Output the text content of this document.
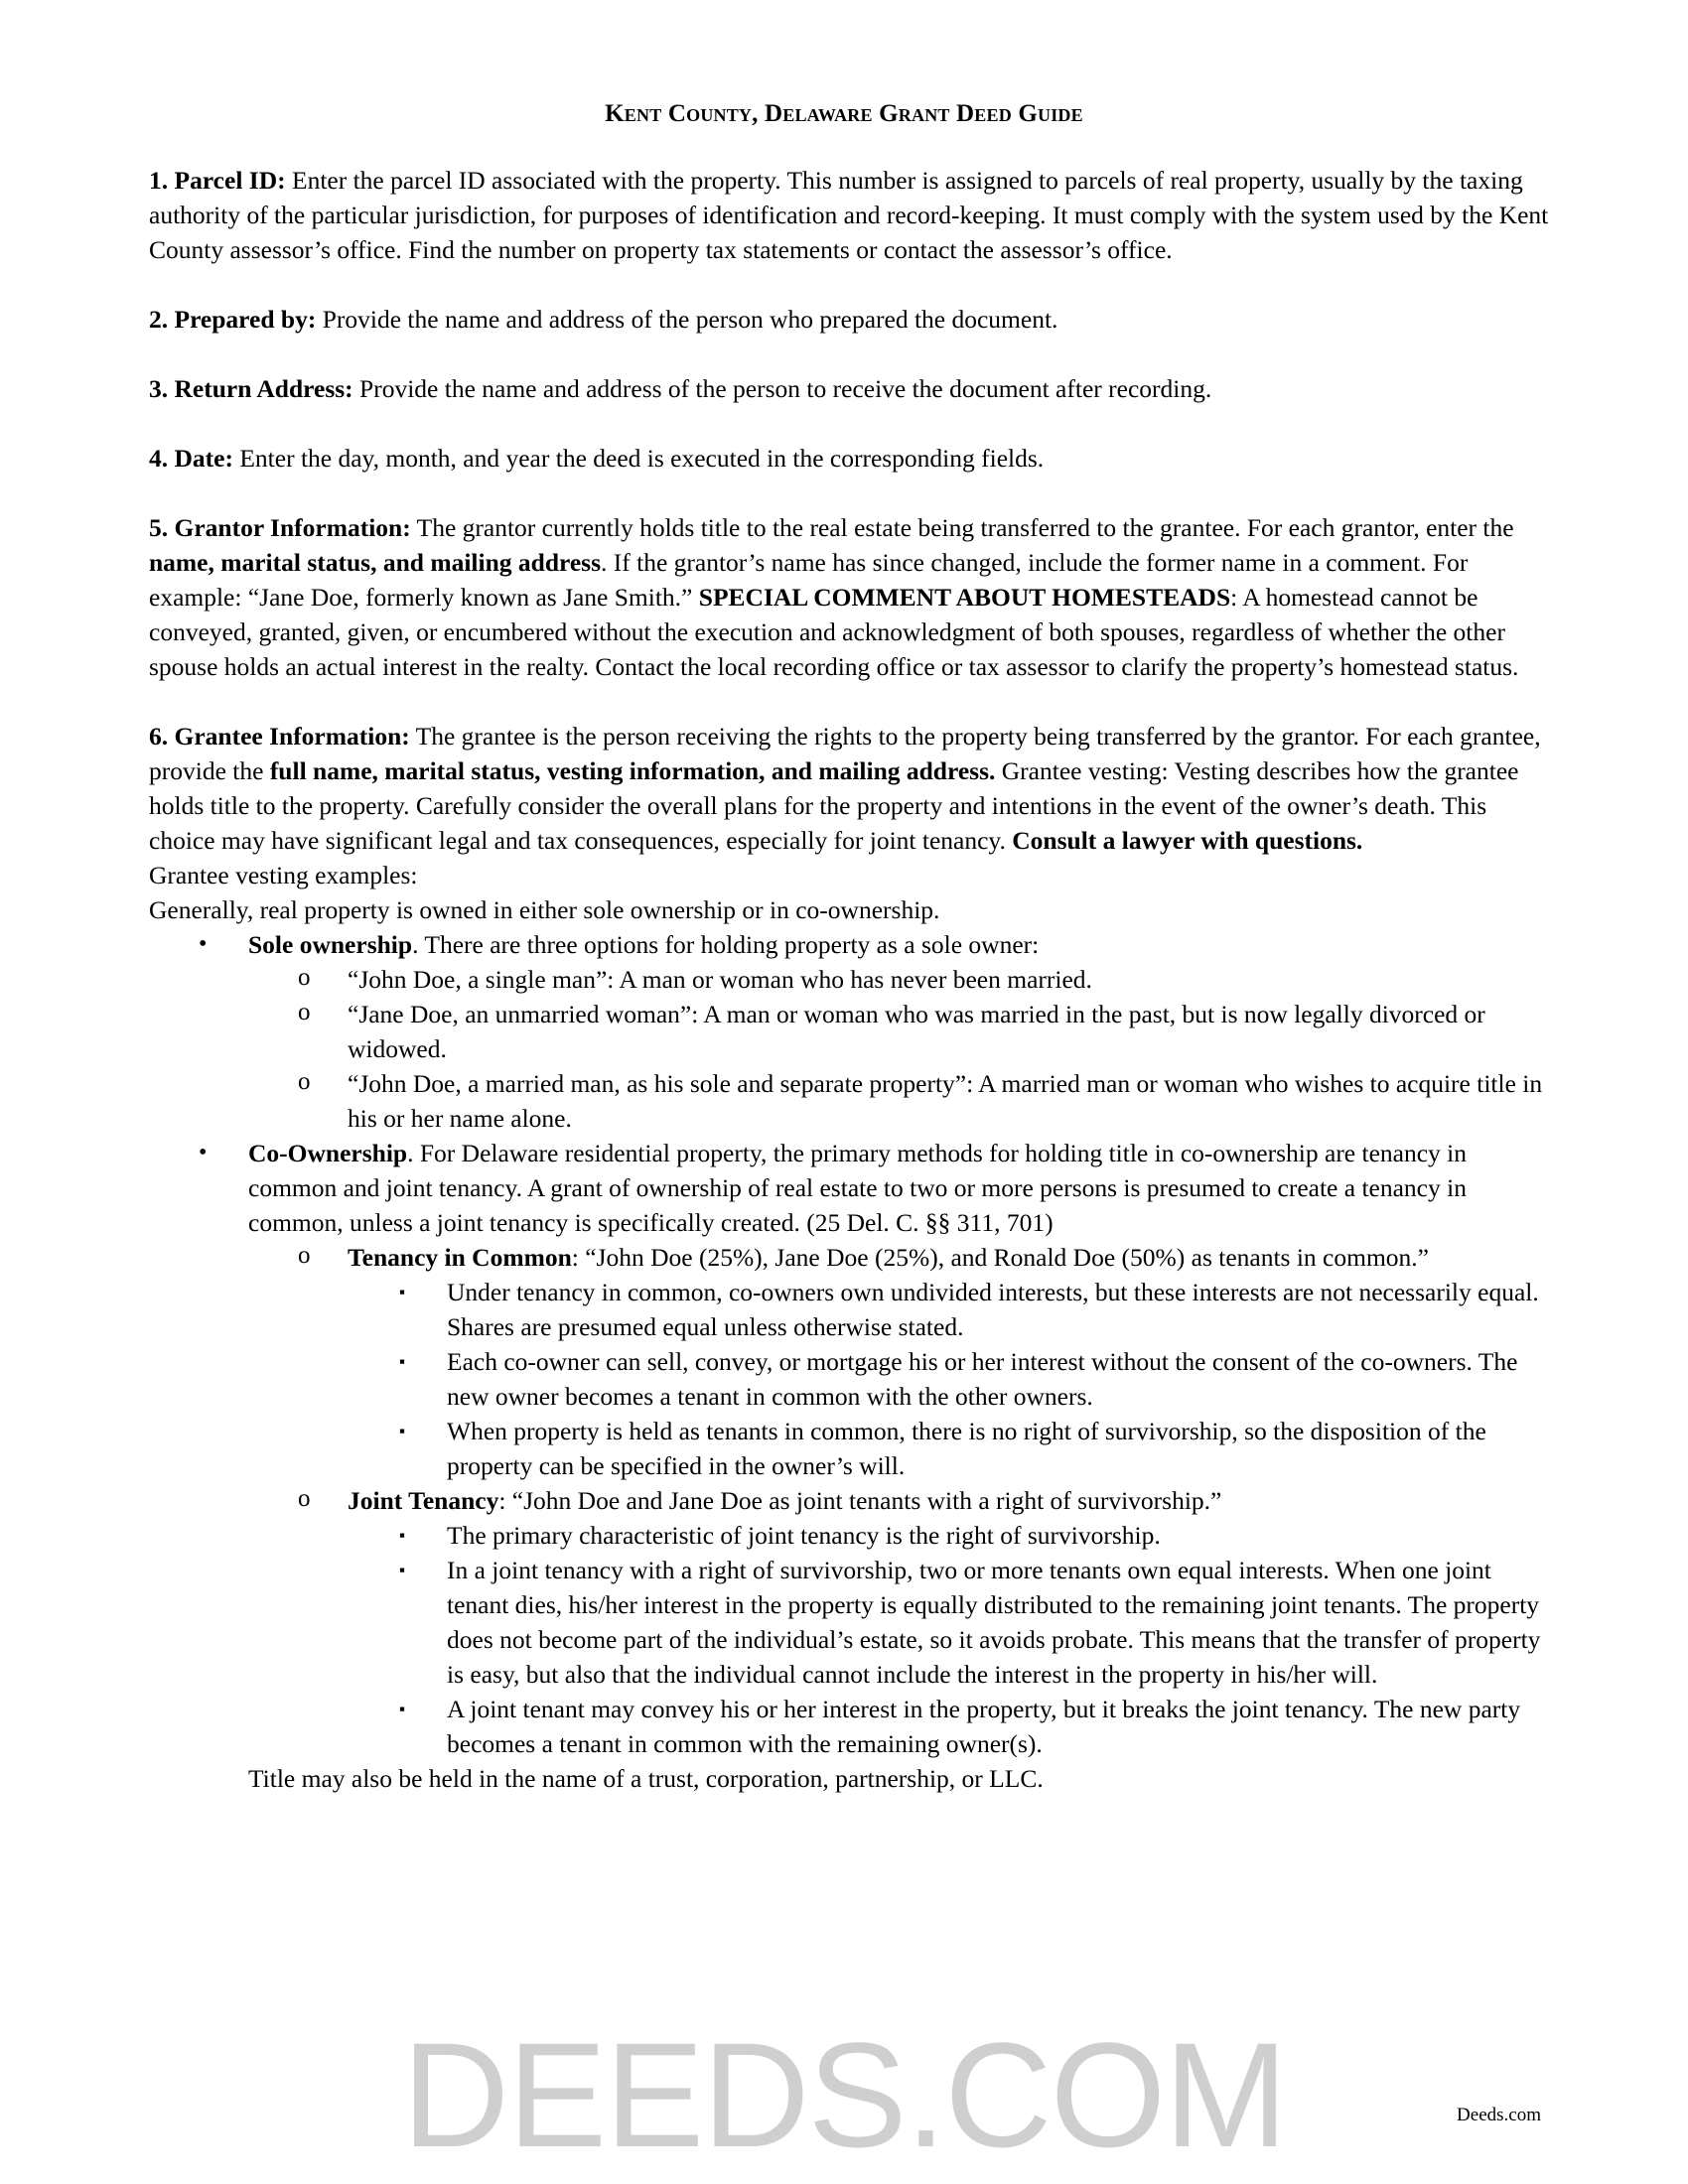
Kent County, Delaware Grant Deed Guide

1. Parcel ID: Enter the parcel ID associated with the property. This number is assigned to parcels of real property, usually by the taxing authority of the particular jurisdiction, for purposes of identification and record-keeping. It must comply with the system used by the Kent County assessor’s office. Find the number on property tax statements or contact the assessor’s office.

2. Prepared by: Provide the name and address of the person who prepared the document.

3. Return Address: Provide the name and address of the person to receive the document after recording.

4. Date: Enter the day, month, and year the deed is executed in the corresponding fields.

5. Grantor Information: The grantor currently holds title to the real estate being transferred to the grantee. For each grantor, enter the name, marital status, and mailing address. If the grantor’s name has since changed, include the former name in a comment. For example: “Jane Doe, formerly known as Jane Smith.” SPECIAL COMMENT ABOUT HOMESTEADS: A homestead cannot be conveyed, granted, given, or encumbered without the execution and acknowledgment of both spouses, regardless of whether the other spouse holds an actual interest in the realty. Contact the local recording office or tax assessor to clarify the property’s homestead status.

6. Grantee Information: The grantee is the person receiving the rights to the property being transferred by the grantor. For each grantee, provide the full name, marital status, vesting information, and mailing address. Grantee vesting: Vesting describes how the grantee holds title to the property. Carefully consider the overall plans for the property and intentions in the event of the owner’s death. This choice may have significant legal and tax consequences, especially for joint tenancy. Consult a lawyer with questions.

Grantee vesting examples:

Generally, real property is owned in either sole ownership or in co-ownership.

• Sole ownership. There are three options for holding property as a sole owner:
o “John Doe, a single man”: A man or woman who has never been married.
o “Jane Doe, an unmarried woman”: A man or woman who was married in the past, but is now legally divorced or widowed.
o “John Doe, a married man, as his sole and separate property”: A married man or woman who wishes to acquire title in his or her name alone.
• Co-Ownership. For Delaware residential property, the primary methods for holding title in co-ownership are tenancy in common and joint tenancy. A grant of ownership of real estate to two or more persons is presumed to create a tenancy in common, unless a joint tenancy is specifically created. (25 Del. C. §§ 311, 701)
o Tenancy in Common: “John Doe (25%), Jane Doe (25%), and Ronald Doe (50%) as tenants in common.”
▪ Under tenancy in common, co-owners own undivided interests, but these interests are not necessarily equal. Shares are presumed equal unless otherwise stated.
▪ Each co-owner can sell, convey, or mortgage his or her interest without the consent of the co-owners. The new owner becomes a tenant in common with the other owners.
▪ When property is held as tenants in common, there is no right of survivorship, so the disposition of the property can be specified in the owner’s will.
o Joint Tenancy: “John Doe and Jane Doe as joint tenants with a right of survivorship.”
▪ The primary characteristic of joint tenancy is the right of survivorship.
▪ In a joint tenancy with a right of survivorship, two or more tenants own equal interests. When one joint tenant dies, his/her interest in the property is equally distributed to the remaining joint tenants. The property does not become part of the individual’s estate, so it avoids probate. This means that the transfer of property is easy, but also that the individual cannot include the interest in the property in his/her will.
▪ A joint tenant may convey his or her interest in the property, but it breaks the joint tenancy. The new party becomes a tenant in common with the remaining owner(s).

Title may also be held in the name of a trust, corporation, partnership, or LLC.

DEEDS.COM	Deeds.com
